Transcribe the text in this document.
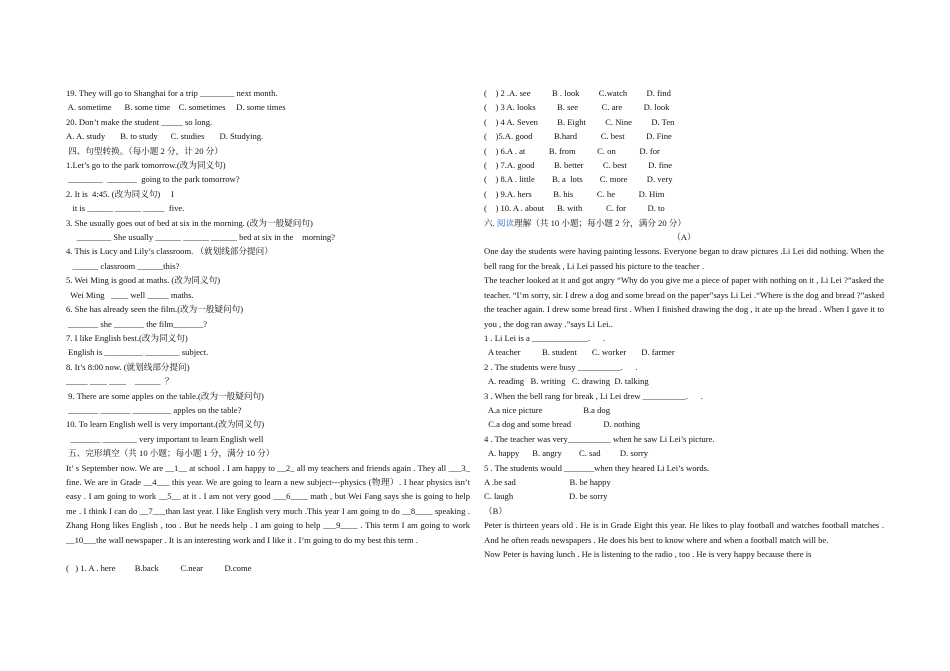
19. They will go to Shanghai for a trip ________ next month.
A. sometime      B. some time    C. sometimes     D. some times
20. Don’t make the student _____ so long.
A. A. study       B. to study      C. studies       D. Studying.
四、句型转换。（每小题 2 分，计 20 分）
1.Let’s go to the park tomorrow.(改为同义句)
________  _______  going to the park tomorrow?
2. It is  4:45. (改为同义句)     I
it is ______ ______ _____  five.
3. She usually goes out of bed at six in the morning. (改为一般疑问句)
________ She usually ______ ______ ______ bed at six in the    morning?
4. This is Lucy and Lily’s classroom. （就划线部分提问）
______ classroom ______this?
5. Wei Ming is good at maths. (改为同义句)
Wei Ming   ____ well _____ maths.
6. She has already seen the film.(改为一般疑问句)
_______ she _______ the film_______?
7. I like English best.(改为同义句)
English is _________ ________ subject.
8. It’s 8:00 now. (就划线部分提问)
_____ ____ ____    ______  ？
9. There are some apples on the table.(改为一般疑问句)
_______ _______ _________ apples on the table?
10. To learn English well is very important.(改为同义句)
_______ ________ very important to learn English well
五、完形填空（共 10 小题；每小题 1 分，满分 10 分）
It’ s September now. We are __1__ at school . I am happy to __2_ all my teachers and friends again . They all ___3_ fine. We are in Grade __4___ this year. We are going to learn a new subject---physics (物理）. I hear physics isn’t easy . I am going to work __5__ at it . I am not very good ___6____ math , but Wei Fang says she is going to help me . I think I can do __7___than last year. I like English very much .This year I am going to do __8____ speaking . Zhang Hong likes English , too . But he needs help . I am going to help ___9____ . This term I am going to work __10___the wall newspaper . It is an interesting work and I like it . I’m going to do my best this term .
(   ) 1. A . here         B.back          C.near          D.come
(    ) 2 .A. see          B . look         C.watch         D. find
(    ) 3 A. looks          B. see           C. are          D. look
(    ) 4 A. Seven         B. Eight         C. Nine         D. Ten
(    )5.A. good          B.hard           C. best          D. Fine
(    ) 6.A . at           B. from          C. on           D. for
(    ) 7.A. good         B. better         C. best          D. fine
(    ) 8.A . little        B. a  lots        C. more         D. very
(    ) 9.A. hers          B. his           C. he           D. Him
(    ) 10. A . about      B. with           C. for          D. to
六. 阅读理解（共 10 小题；每小题 2 分，满分 20 分）
（A）
One day the students were having painting lessons. Everyone began to draw pictures .Li Lei did nothing. When the bell rang for the break , Li Lei passed his picture to the teacher .
The teacher looked at it and got angry “Why do you give me a piece of paper with nothing on it , Li Lei ?”asked the teacher. “I’m sorry, sir. I drew a dog and some bread on the paper”says Li Lei .“Where is the dog and bread ?”asked the teacher again. I drew some bread first . When I finished drawing the dog , it ate up the bread . When I gave it to you , the dog ran away .”says Li Lei..
1 . Li Lei is a _____________.      .
A teacher          B. student       C. worker       D. farmer
2 . The students were busy __________.      .
A. reading   B. writing   C. drawing  D. talking
3 . When the bell rang for break , Li Lei drew __________.      .
A.a nice picture                   B.a dog
C.a dog and some bread               D. nothing
4 . The teacher was very__________ when he saw Li Lei’s picture.
A. happy      B. angry        C. sad         D. sorry
5 . The students would _______when they heared Li Lei’s words.
A .be sad                         B. be happy
C. laugh                          D. be sorry
（B）
Peter is thirteen years old . He is in Grade Eight this year. He likes to play football and watches football matches . And he often reads newspapers . He does his best to know where and when a football match will be.
Now Peter is having lunch . He is listening to the radio , too . He is very happy because there is
